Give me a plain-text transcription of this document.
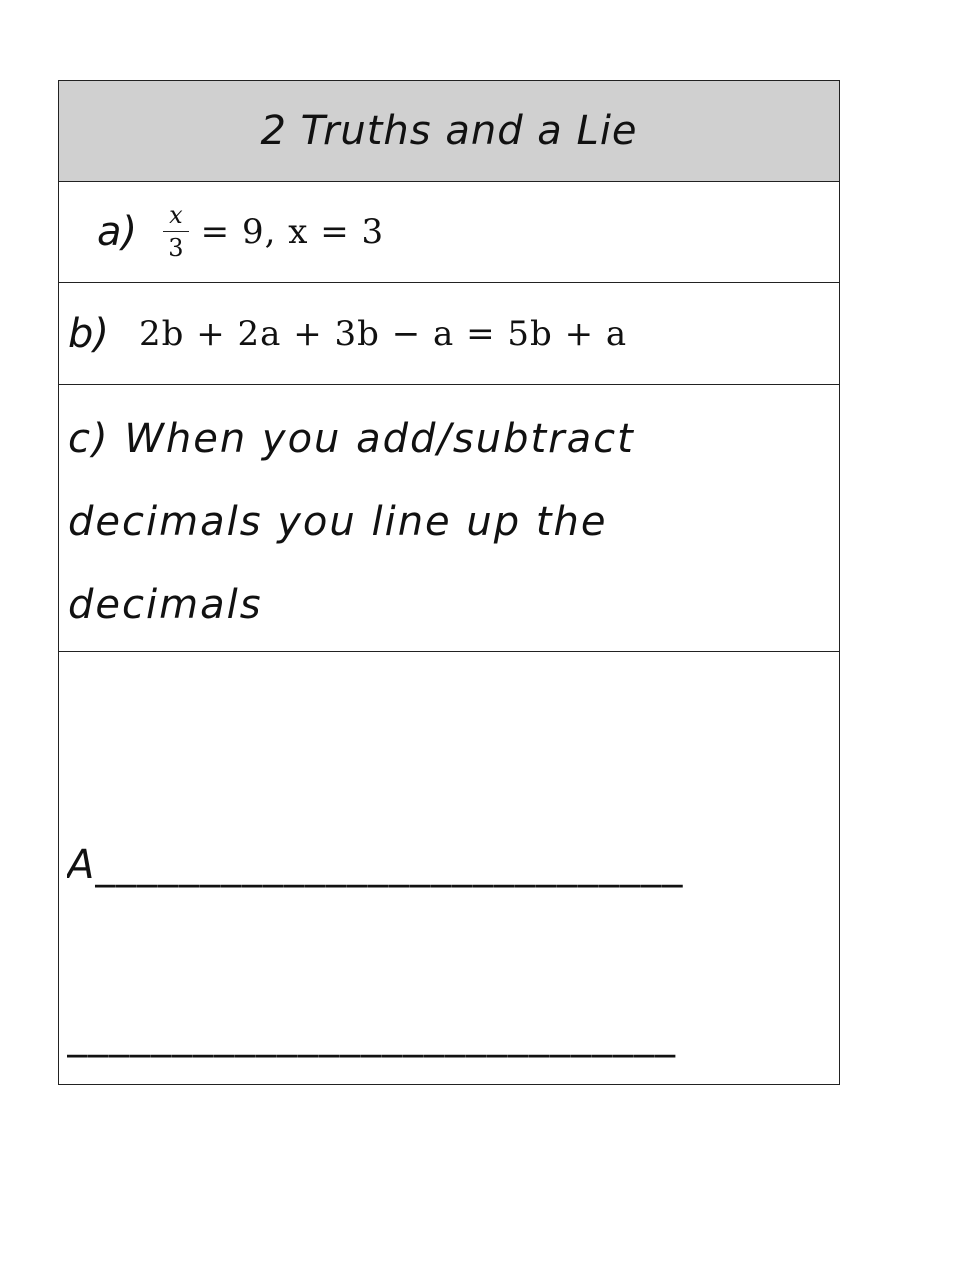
2 Truths and a Lie

$a) \frac{x}{3} = 9$, x = 3

b) 2b + 2a + 3b − a = 5b + a

c) When you add/subtract
decimals you line up the
decimals

A____________________________
_____________________________
